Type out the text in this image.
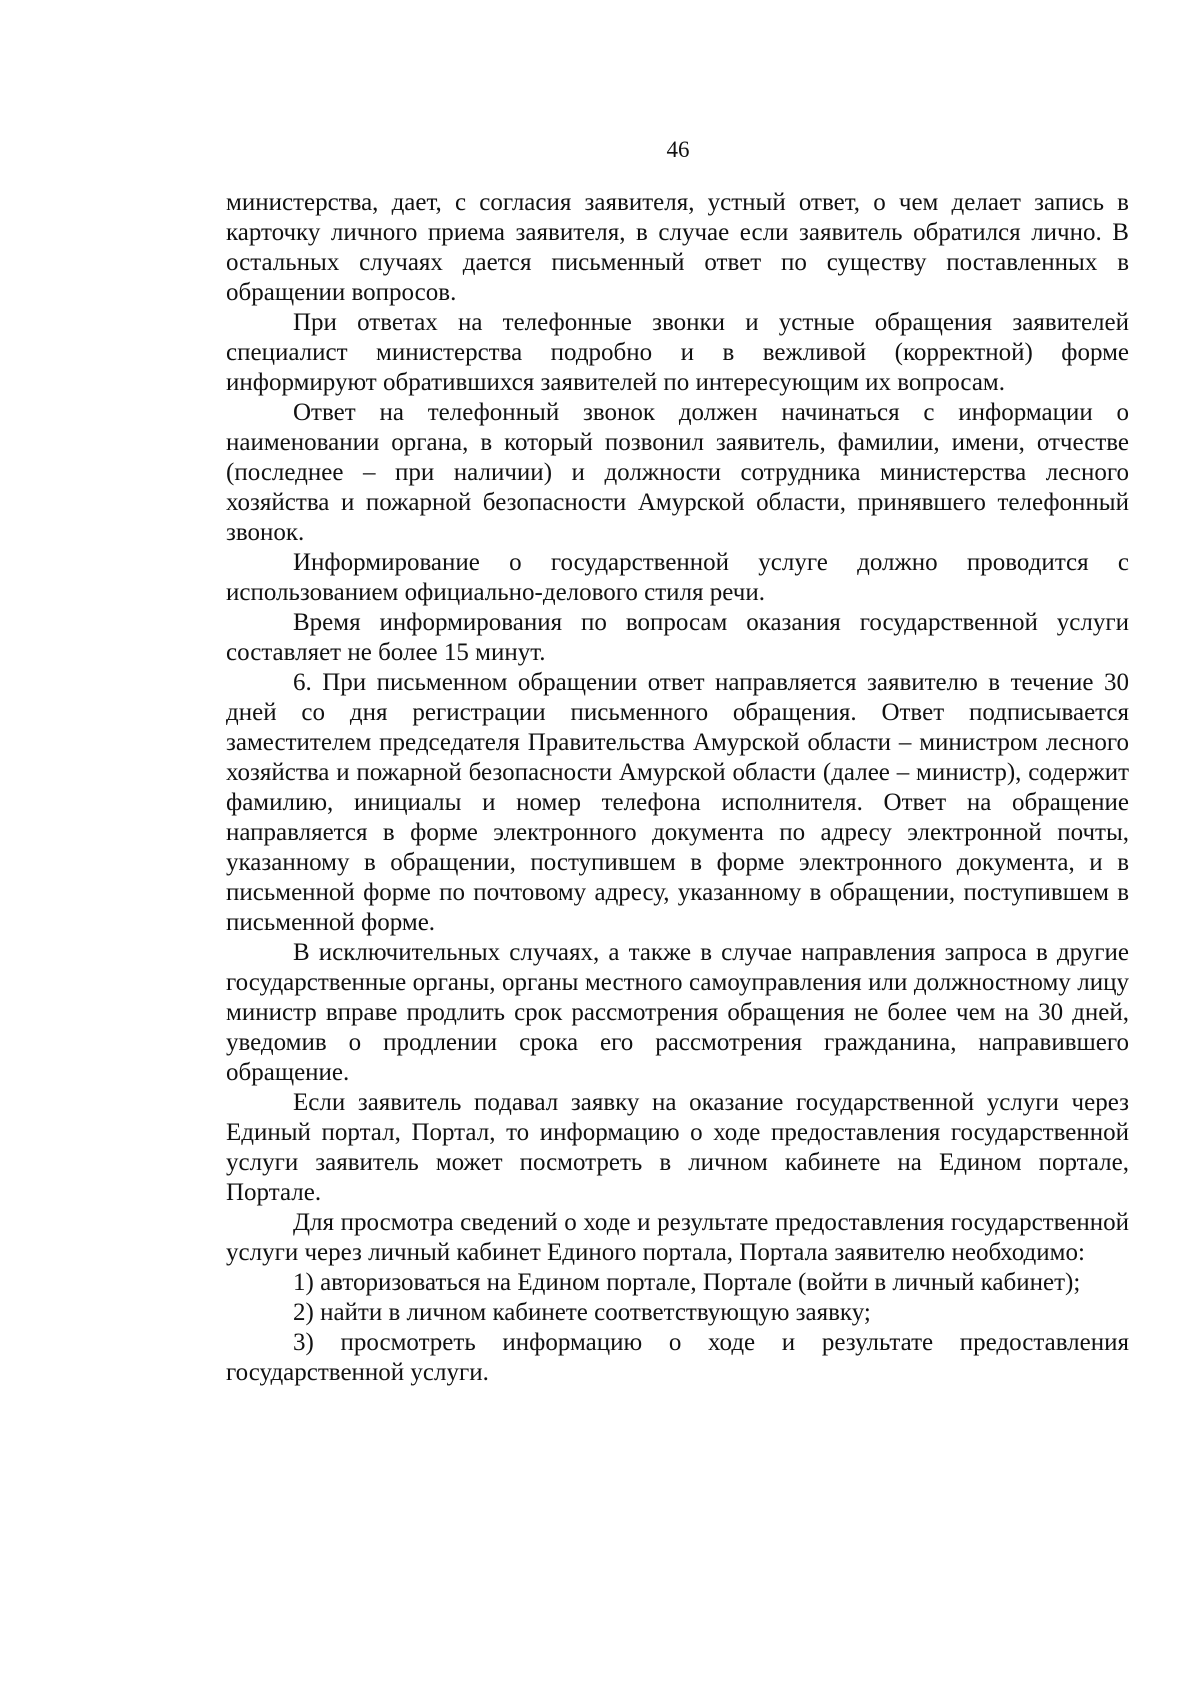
46

министерства, дает, с согласия заявителя, устный ответ, о чем делает запись в карточку личного приема заявителя, в случае если заявитель обратился лично. В остальных случаях дается письменный ответ по существу поставленных в обращении вопросов.

При ответах на телефонные звонки и устные обращения заявителей специалист министерства подробно и в вежливой (корректной) форме информируют обратившихся заявителей по интересующим их вопросам.

Ответ на телефонный звонок должен начинаться с информации о наименовании органа, в который позвонил заявитель, фамилии, имени, отчестве (последнее – при наличии) и должности сотрудника министерства лесного хозяйства и пожарной безопасности Амурской области, принявшего телефонный звонок.

Информирование о государственной услуге должно проводится с использованием официально-делового стиля речи.

Время информирования по вопросам оказания государственной услуги составляет не более 15 минут.

6. При письменном обращении ответ направляется заявителю в течение 30 дней со дня регистрации письменного обращения. Ответ подписывается заместителем председателя Правительства Амурской области – министром лесного хозяйства и пожарной безопасности Амурской области (далее – министр), содержит фамилию, инициалы и номер телефона исполнителя. Ответ на обращение направляется в форме электронного документа по адресу электронной почты, указанному в обращении, поступившем в форме электронного документа, и в письменной форме по почтовому адресу, указанному в обращении, поступившем в письменной форме.

В исключительных случаях, а также в случае направления запроса в другие государственные органы, органы местного самоуправления или должностному лицу министр вправе продлить срок рассмотрения обращения не более чем на 30 дней, уведомив о продлении срока его рассмотрения гражданина, направившего обращение.

Если заявитель подавал заявку на оказание государственной услуги через Единый портал, Портал, то информацию о ходе предоставления государственной услуги заявитель может посмотреть в личном кабинете на Едином портале, Портале.

Для просмотра сведений о ходе и результате предоставления государственной услуги через личный кабинет Единого портала, Портала заявителю необходимо:

1) авторизоваться на Едином портале, Портале (войти в личный кабинет);

2) найти в личном кабинете соответствующую заявку;

3) просмотреть информацию о ходе и результате предоставления государственной услуги.
